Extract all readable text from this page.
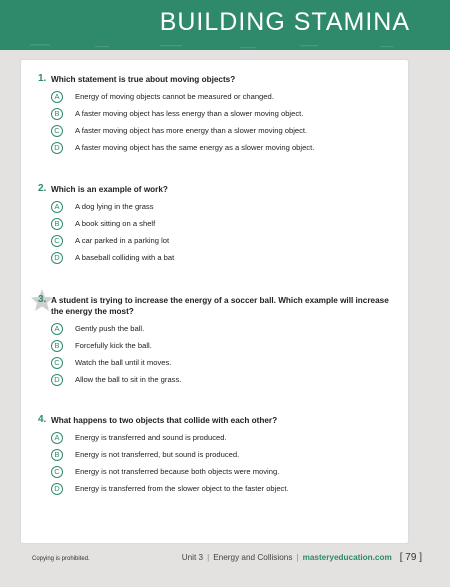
BUILDING STAMINA
1. Which statement is true about moving objects?
A	Energy of moving objects cannot be measured or changed.
B	A faster moving object has less energy than a slower moving object.
C	A faster moving object has more energy than a slower moving object.
D	A faster moving object has the same energy as a slower moving object.
2. Which is an example of work?
A	A dog lying in the grass
B	A book sitting on a shelf
C	A car parked in a parking lot
D	A baseball colliding with a bat
3. A student is trying to increase the energy of a soccer ball. Which example will increase the energy the most?
A	Gently push the ball.
B	Forcefully kick the ball.
C	Watch the ball until it moves.
D	Allow the ball to sit in the grass.
4. What happens to two objects that collide with each other?
A	Energy is transferred and sound is produced.
B	Energy is not transferred, but sound is produced.
C	Energy is not transferred because both objects were moving.
D	Energy is transferred from the slower object to the faster object.
Copying is prohibited.	Unit 3 | Energy and Collisions | masteryeducation.com [ 79 ]
